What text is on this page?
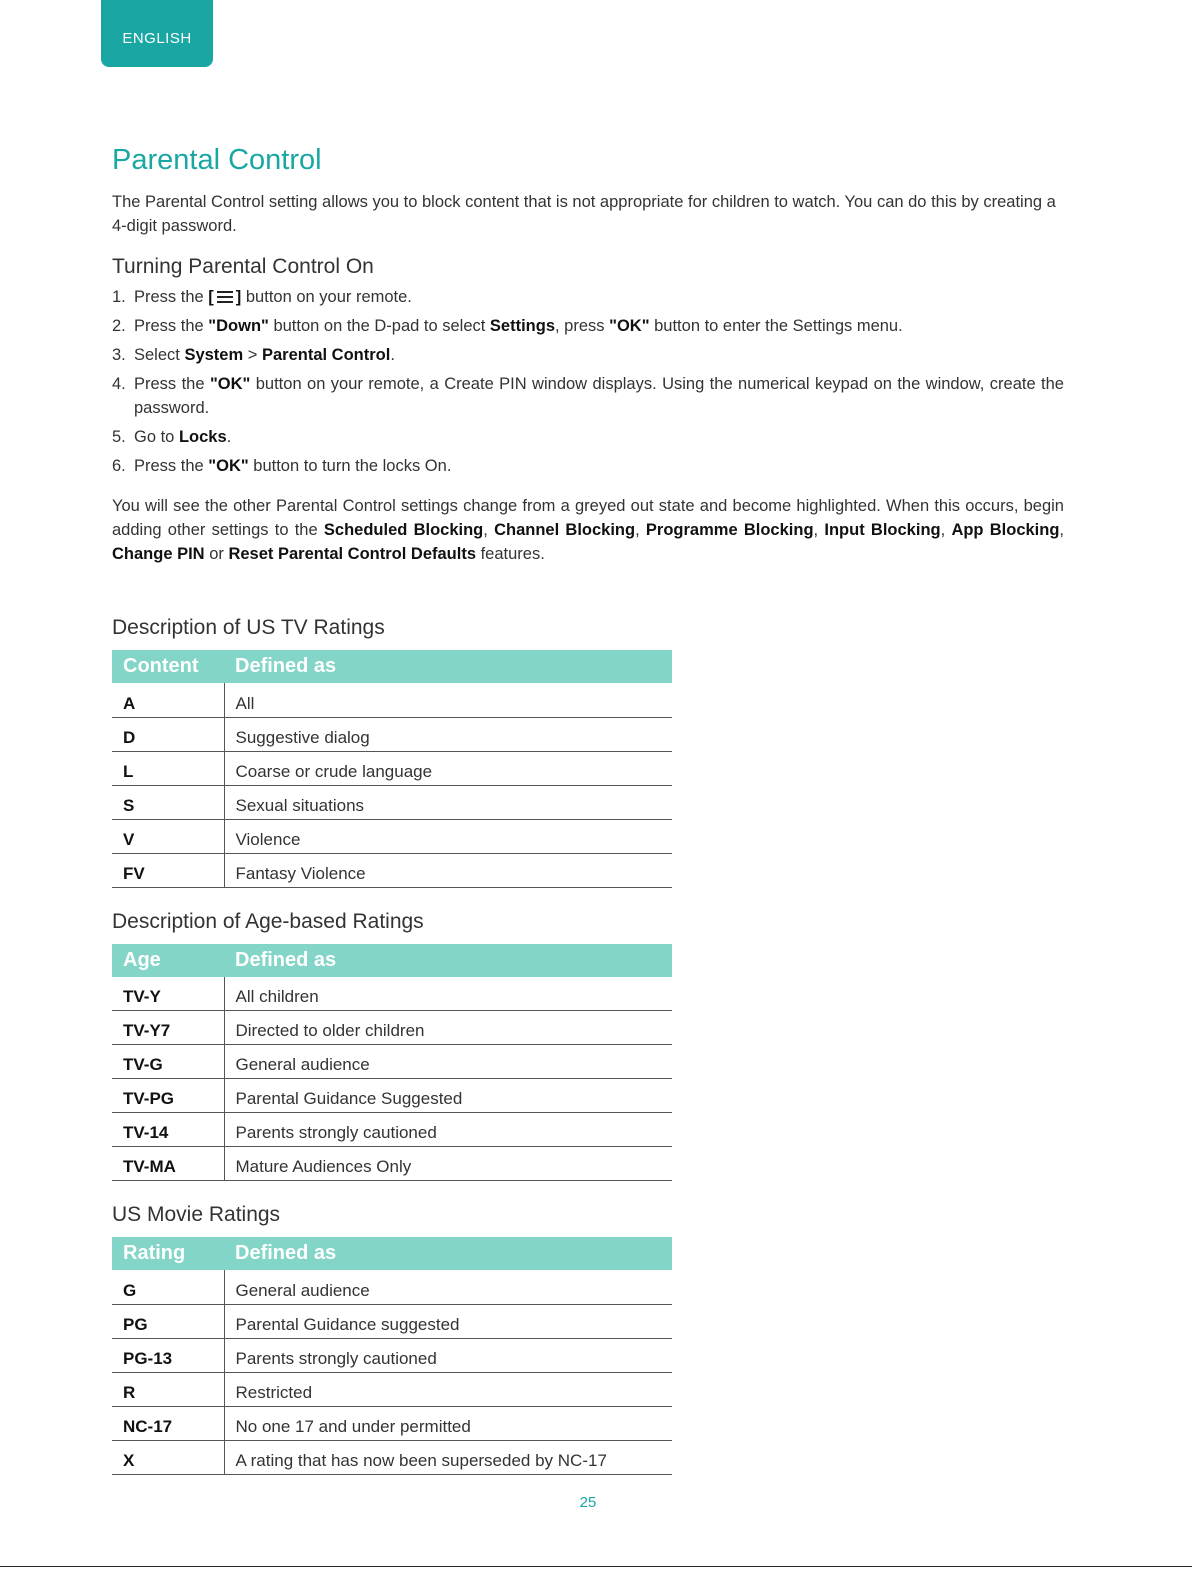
ENGLISH
Parental Control

The Parental Control setting allows you to block content that is not appropriate for children to watch. You can do this by creating a 4-digit password.

Turning Parental Control On
1. Press the [ ] button on your remote.
2. Press the "Down" button on the D-pad to select Settings, press "OK" button to enter the Settings menu.
3. Select System > Parental Control.
4. Press the "OK" button on your remote, a Create PIN window displays. Using the numerical keypad on the window, create the password.
5. Go to Locks.
6. Press the "OK" button to turn the locks On.

You will see the other Parental Control settings change from a greyed out state and become highlighted. When this occurs, begin adding other settings to the Scheduled Blocking, Channel Blocking, Programme Blocking, Input Blocking, App Blocking, Change PIN or Reset Parental Control Defaults features.

Description of US TV Ratings
Content	Defined as
A	All
D	Suggestive dialog
L	Coarse or crude language
S	Sexual situations
V	Violence
FV	Fantasy Violence
Description of Age-based Ratings
Age	Defined as
TV-Y	All children
TV-Y7	Directed to older children
TV-G	General audience
TV-PG	Parental Guidance Suggested
TV-14	Parents strongly cautioned
TV-MA	Mature Audiences Only
US Movie Ratings
Rating	Defined as
G	General audience
PG	Parental Guidance suggested
PG-13	Parents strongly cautioned
R	Restricted
NC-17	No one 17 and under permitted
X	A rating that has now been superseded by NC-17
25
